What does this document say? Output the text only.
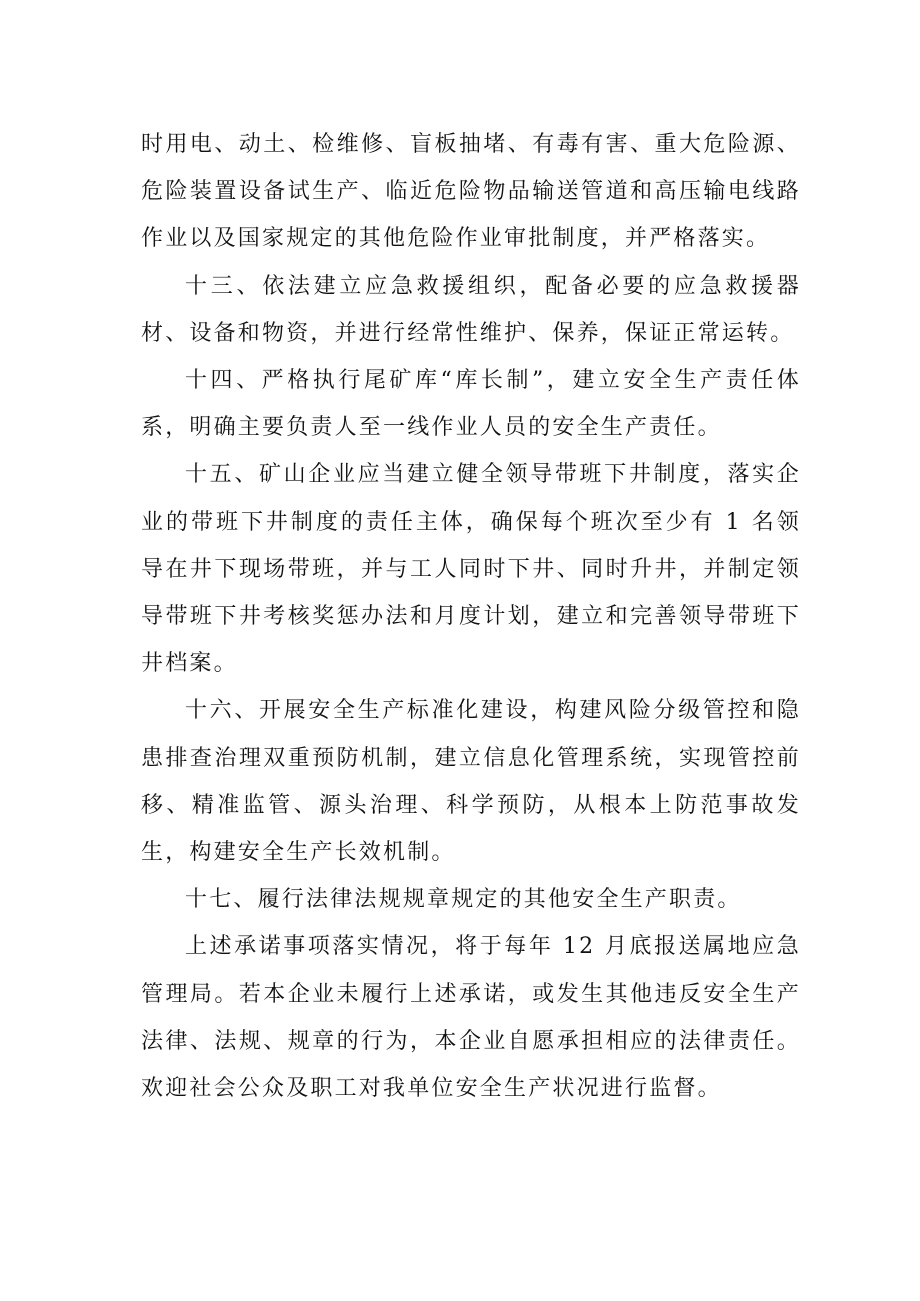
时用电、动土、检维修、盲板抽堵、有毒有害、重大危险源、危险装置设备试生产、临近危险物品输送管道和高压输电线路作业以及国家规定的其他危险作业审批制度，并严格落实。

十三、依法建立应急救援组织，配备必要的应急救援器材、设备和物资，并进行经常性维护、保养，保证正常运转。

十四、严格执行尾矿库“库长制”，建立安全生产责任体系，明确主要负责人至一线作业人员的安全生产责任。

十五、矿山企业应当建立健全领导带班下井制度，落实企业的带班下井制度的责任主体，确保每个班次至少有 1 名领导在井下现场带班，并与工人同时下井、同时升井，并制定领导带班下井考核奖惩办法和月度计划，建立和完善领导带班下井档案。

十六、开展安全生产标准化建设，构建风险分级管控和隐患排查治理双重预防机制，建立信息化管理系统，实现管控前移、精准监管、源头治理、科学预防，从根本上防范事故发生，构建安全生产长效机制。

十七、履行法律法规规章规定的其他安全生产职责。

上述承诺事项落实情况，将于每年 12 月底报送属地应急管理局。若本企业未履行上述承诺，或发生其他违反安全生产法律、法规、规章的行为，本企业自愿承担相应的法律责任。欢迎社会公众及职工对我单位安全生产状况进行监督。
